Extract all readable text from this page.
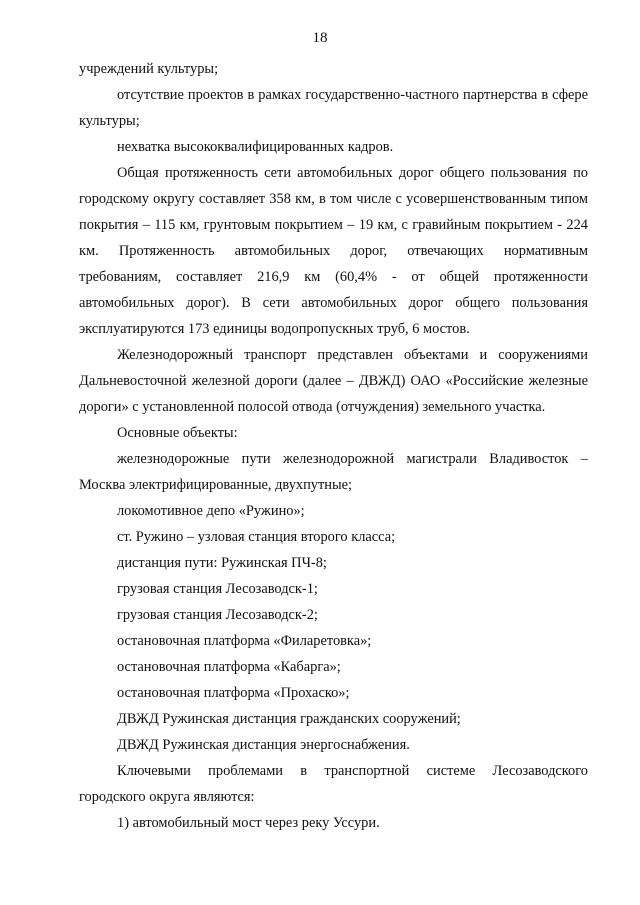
18

учреждений культуры;

отсутствие проектов в рамках государственно-частного партнерства в сфере культуры;

нехватка высококвалифицированных кадров.

Общая протяженность сети автомобильных дорог общего пользования по городскому округу составляет 358 км, в том числе с усовершенствованным типом покрытия – 115 км, грунтовым покрытием – 19 км, с гравийным покрытием - 224 км. Протяженность автомобильных дорог, отвечающих нормативным требованиям, составляет 216,9 км (60,4% - от общей протяженности автомобильных дорог). В сети автомобильных дорог общего пользования эксплуатируются 173 единицы водопропускных труб, 6 мостов.

Железнодорожный транспорт представлен объектами и сооружениями Дальневосточной железной дороги (далее – ДВЖД) ОАО «Российские железные дороги» с установленной полосой отвода (отчуждения) земельного участка.

Основные объекты:

железнодорожные пути железнодорожной магистрали Владивосток – Москва электрифицированные, двухпутные;

локомотивное депо «Ружино»;

ст. Ружино – узловая станция второго класса;

дистанция пути: Ружинская ПЧ-8;

грузовая станция Лесозаводск-1;

грузовая станция Лесозаводск-2;

остановочная платформа «Филаретовка»;

остановочная платформа «Кабарга»;

остановочная платформа «Прохаско»;

ДВЖД Ружинская дистанция гражданских сооружений;

ДВЖД Ружинская дистанция энергоснабжения.

Ключевыми проблемами в транспортной системе Лесозаводского городского округа являются:

1) автомобильный мост через реку Уссури.
